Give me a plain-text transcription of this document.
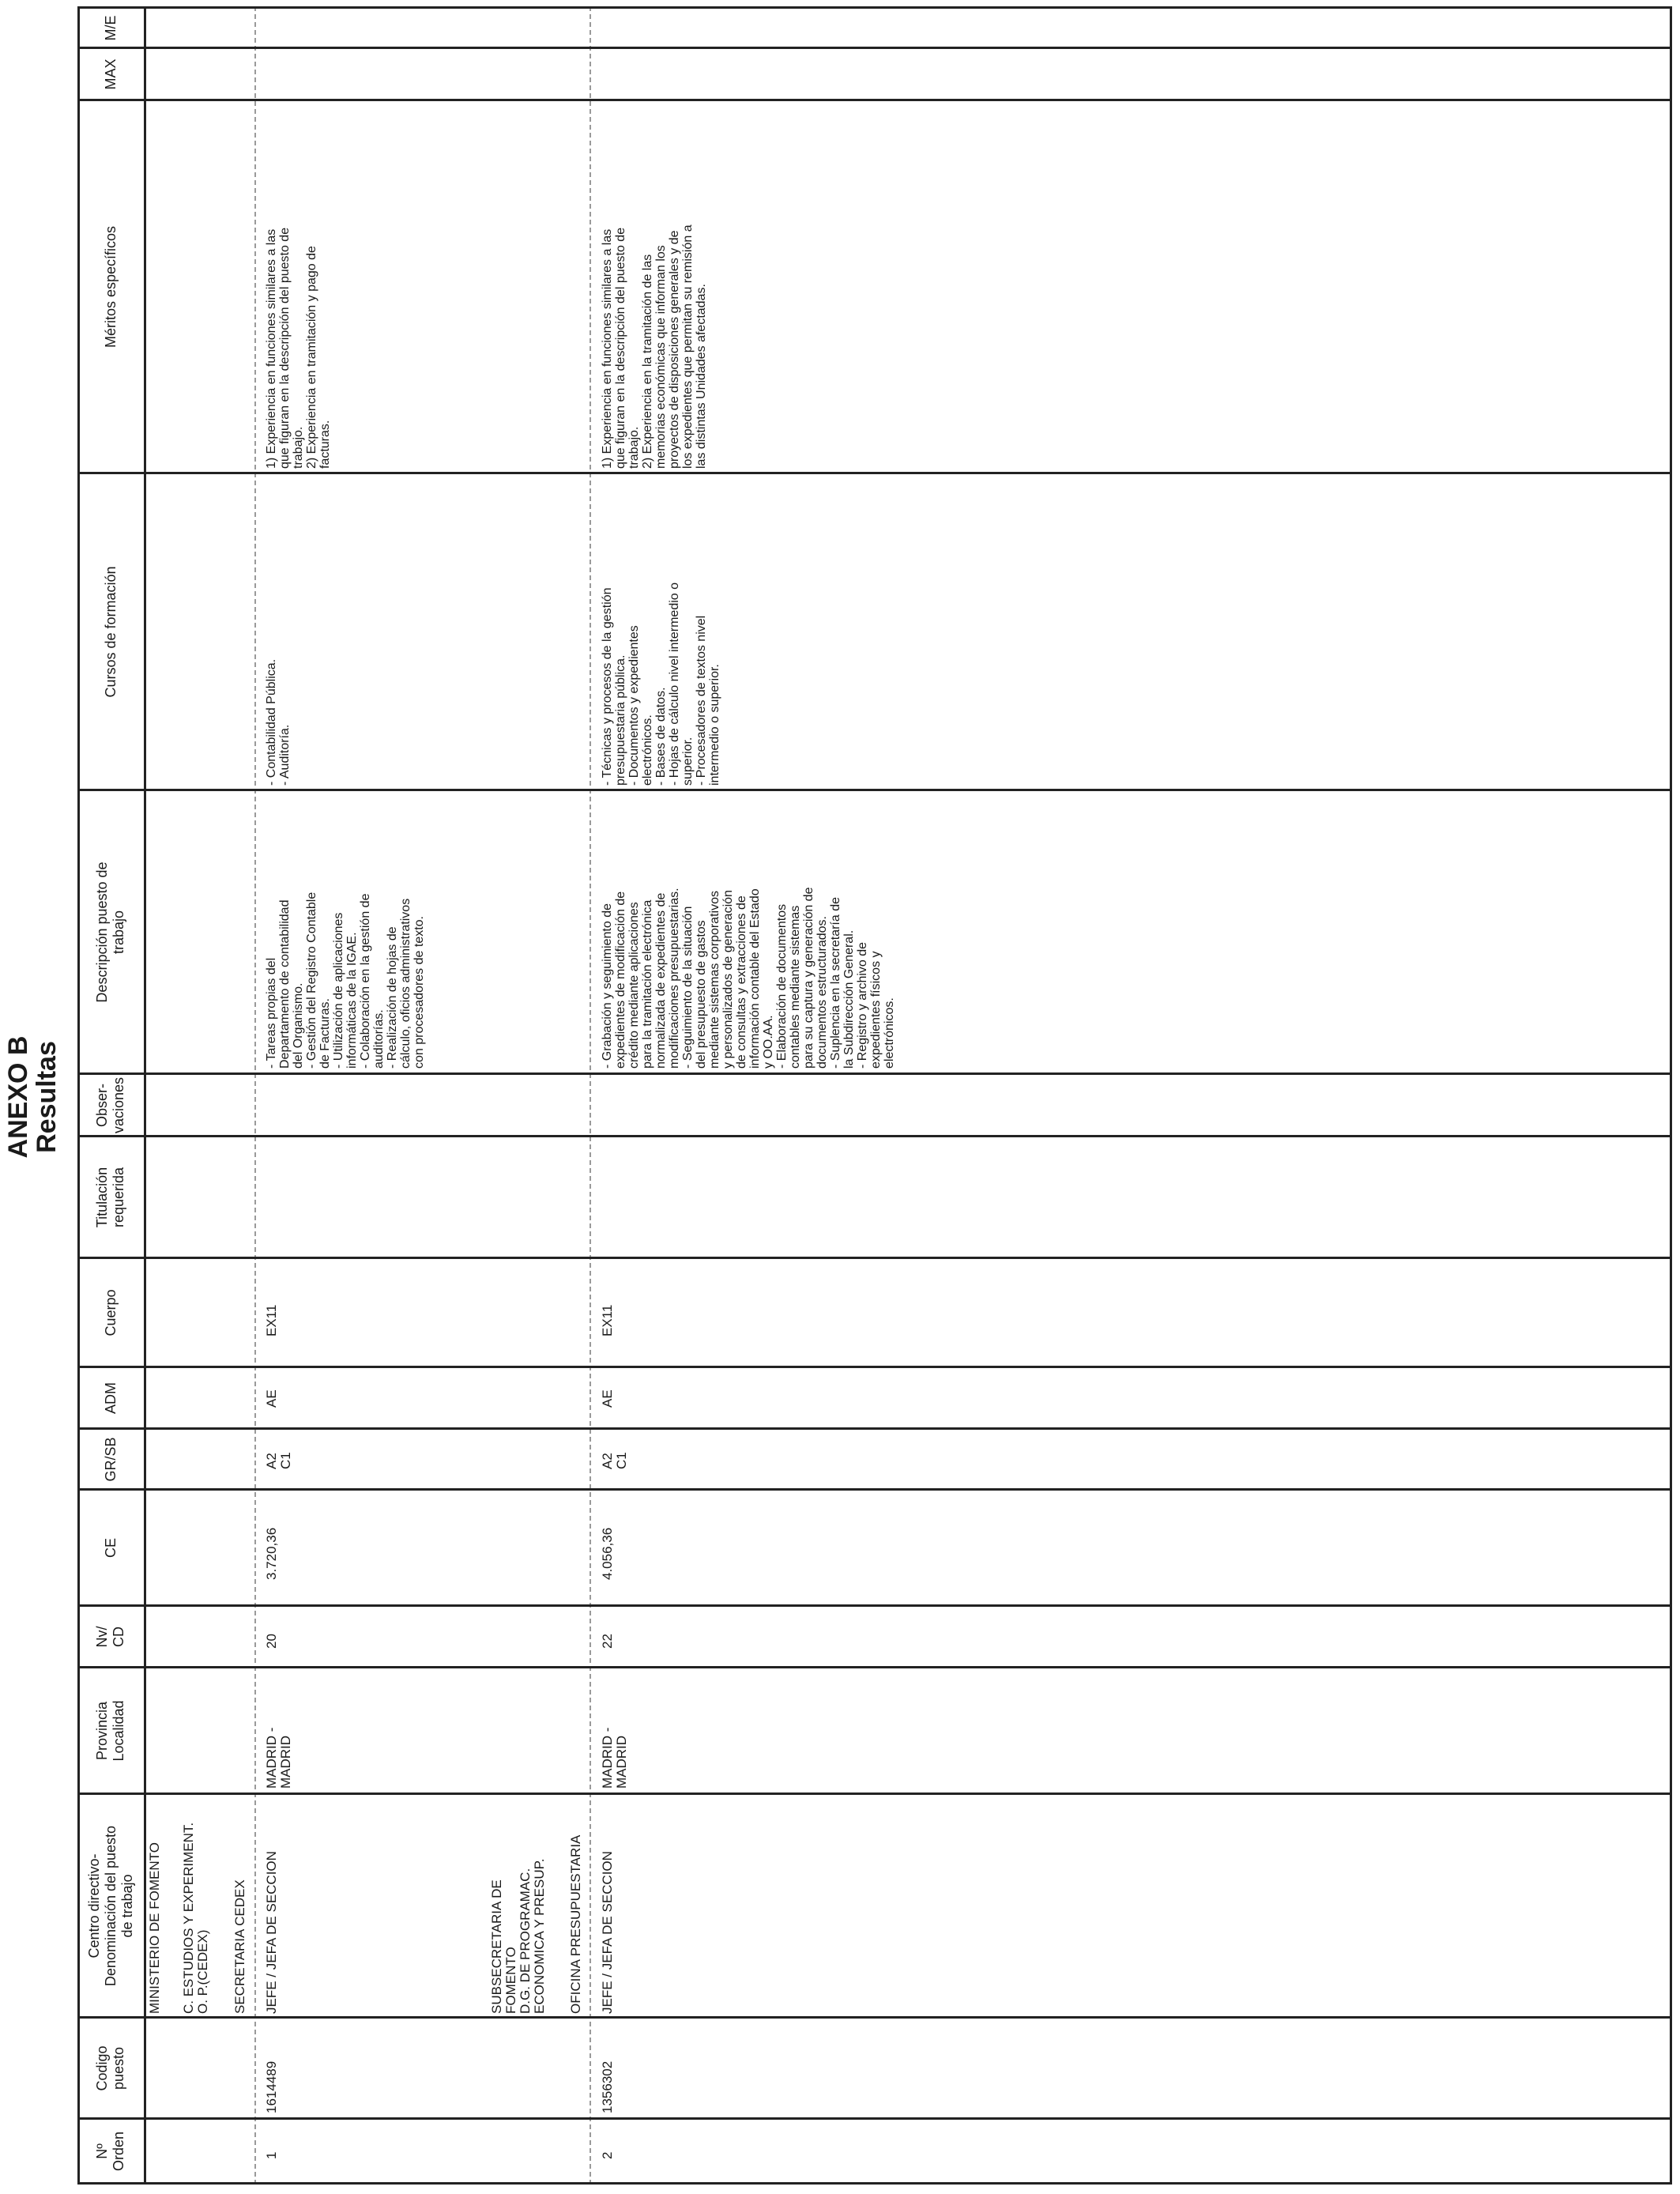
ANEXO B
Resultas
Nº
Orden
Codigo
puesto
Centro directivo-
Denominación del puesto
de trabajo
Provincia
Localidad
Nv/
CD
CE
GR/SB
ADM
Cuerpo
Titulación
requerida
Obser-
vaciones
Descripción puesto de
trabajo
Cursos de formación
Méritos específicos
MAX
M/E
MINISTERIO DE FOMENTO C. ESTUDIOS Y EXPERIMENT.
O. P.(CEDEX) SECRETARIA CEDEX	SUBSECRETARIA DE
FOMENTO
D.G. DE PROGRAMAC.
ECONOMICA Y PRESUP. OFICINA PRESUPUESTARIA
1
1614489
JEFE / JEFA DE SECCION
MADRID -
MADRID
20
3.720,36
A2
C1
AE
EX11
- Tareas propias del
Departamento de contabilidad
del Organismo.
- Gestión del Registro Contable
de Facturas.
- Utilización de aplicaciones
informáticas de la IGAE.
- Colaboración en la gestión de
auditorías.
- Realización de hojas de
cálculo, oficios administrativos
con procesadores de texto.
- Contabilidad Pública.
- Auditoría.
1) Experiencia en funciones similares a las
que figuran en la descripción del puesto de
trabajo.
2) Experiencia en tramitación y pago de
facturas.
2
1356302
JEFE / JEFA DE SECCION
MADRID -
MADRID
22
4.056,36
A2
C1
AE
EX11
- Grabación y seguimiento de
expedientes de modificación de
crédito mediante aplicaciones
para la tramitación electrónica
normalizada de expedientes de
modificaciones presupuestarias.
- Seguimiento de la situación
del presupuesto de gastos
mediante sistemas corporativos
y personalizados de generación
de consultas y extracciones de
información contable del Estado
y OO.AA.
- Elaboración de documentos
contables mediante sistemas
para su captura y generación de
documentos estructurados.
- Suplencia en la secretaría de
la Subdirección General.
- Registro y archivo de
expedientes físicos y
electrónicos.
- Técnicas y procesos de la gestión
presupuestaria pública.
- Documentos y expedientes
electrónicos.
- Bases de datos.
- Hojas de cálculo nivel intermedio o
superior.
- Procesadores de textos nivel
intermedio o superior.
1) Experiencia en funciones similares a las
que figuran en la descripción del puesto de
trabajo.
2) Experiencia en la tramitación de las
memorias económicas que informan los
proyectos de disposiciones generales y de
los expedientes que permitan su remisión a
las distintas Unidades afectadas.
